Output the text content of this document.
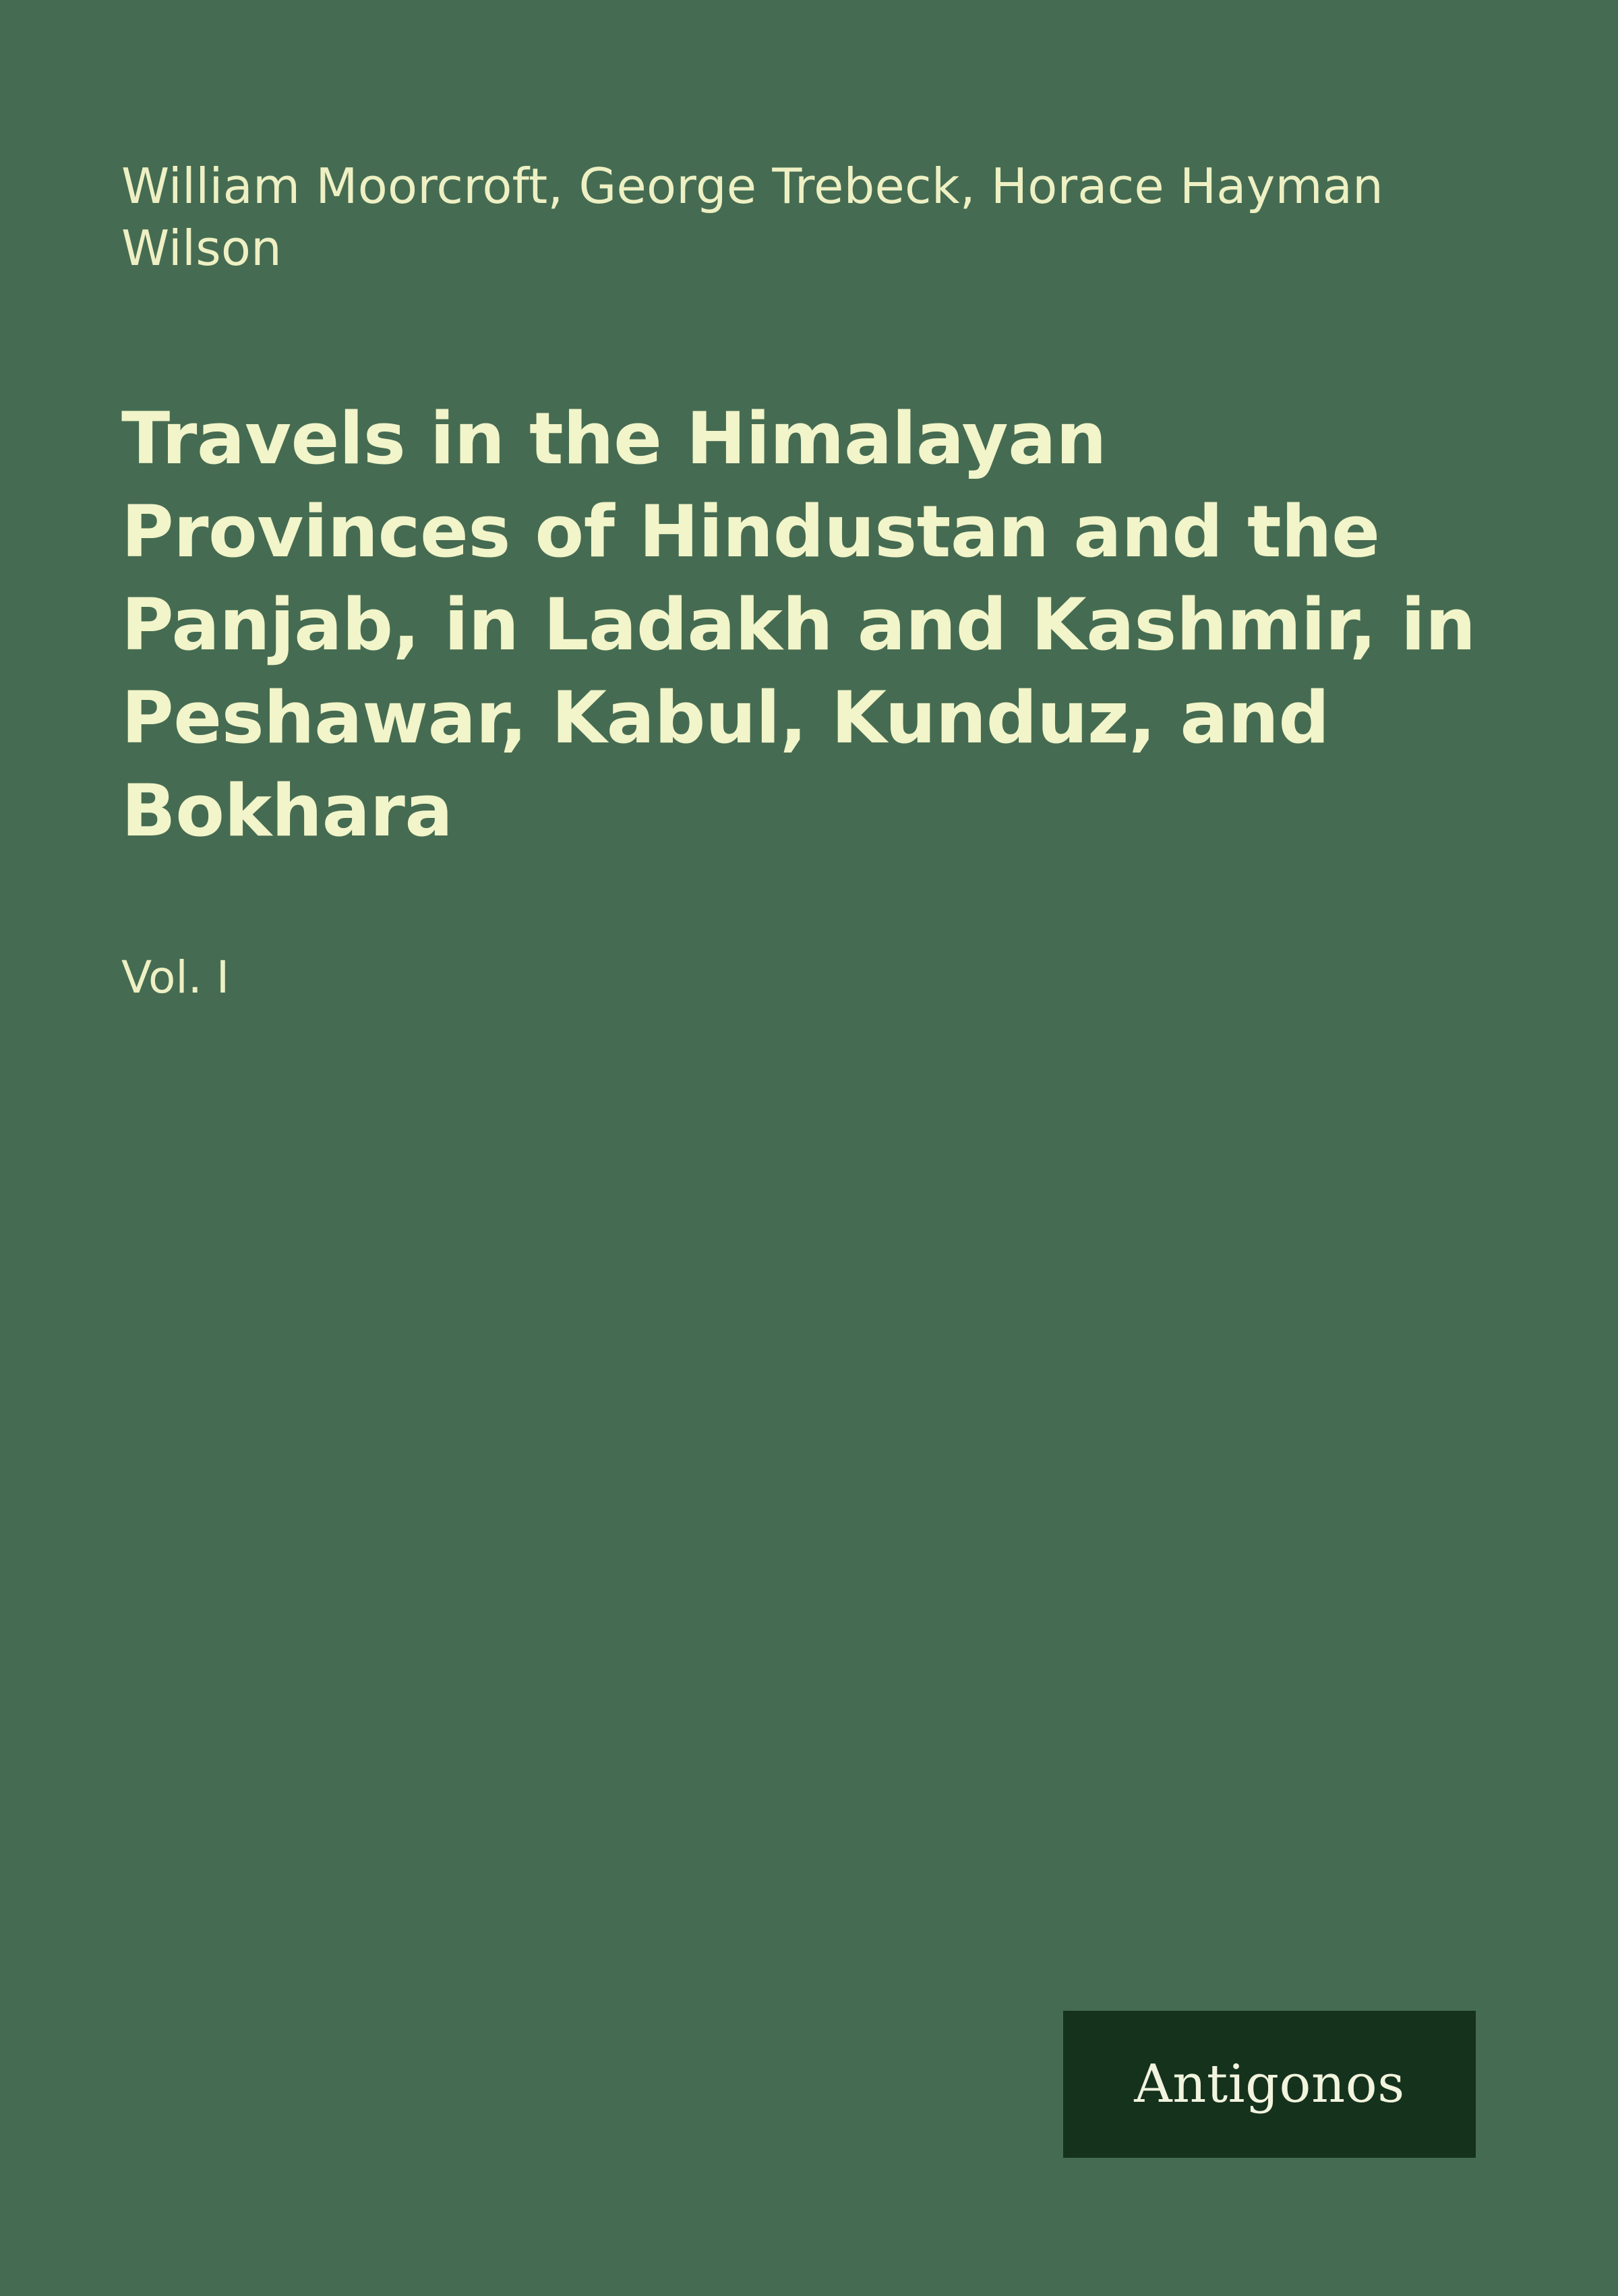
William Moorcroft, George Trebeck, Horace Hayman Wilson
Travels in the Himalayan Provinces of Hindustan and the Panjab, in Ladakh and Kashmir, in Peshawar, Kabul, Kunduz, and Bokhara
Vol. I
Antigonos
